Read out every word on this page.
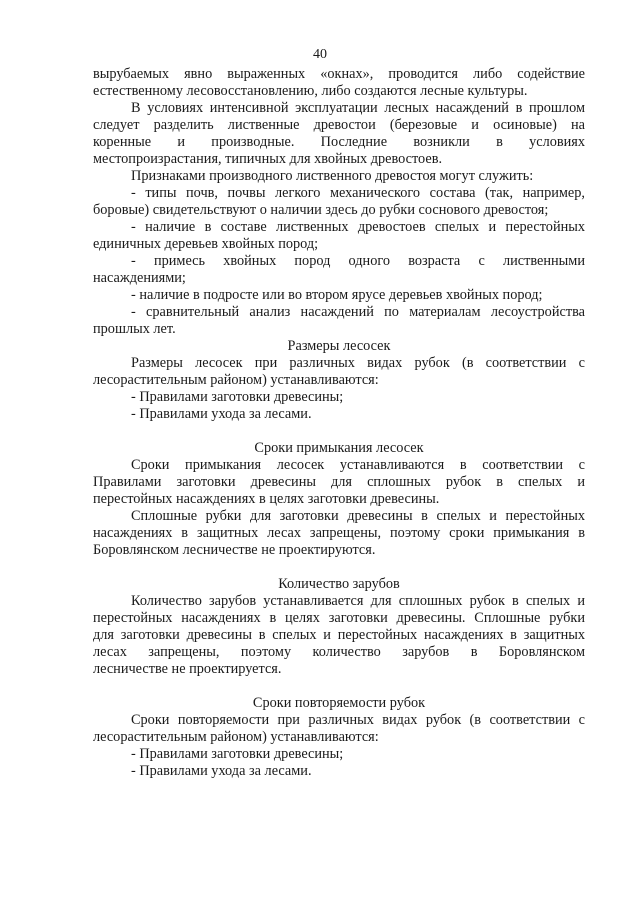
40

вырубаемых явно выраженных «окнах», проводится либо содействие

естественному лесовосстановлению, либо создаются лесные культуры.

В условиях интенсивной эксплуатации лесных насаждений в прошлом

следует разделить лиственные древостои (березовые и осиновые) на

коренные и производные. Последние возникли в условиях

местопроизрастания, типичных для хвойных древостоев.

Признаками производного лиственного древостоя могут служить:

- типы почв, почвы легкого механического состава (так, например,

боровые) свидетельствуют о наличии здесь до рубки соснового древостоя;

- наличие в составе лиственных древостоев спелых и перестойных

единичных деревьев хвойных пород;

- примесь хвойных пород одного возраста с лиственными

насаждениями;

- наличие в подросте или во втором ярусе деревьев хвойных пород;

- сравнительный анализ насаждений по материалам лесоустройства

прошлых лет.

Размеры лесосек

Размеры лесосек при различных видах рубок (в соответствии с

лесорастительным районом) устанавливаются:

- Правилами заготовки древесины;

- Правилами ухода за лесами.

Сроки примыкания лесосек

Сроки примыкания лесосек устанавливаются в соответствии с

Правилами заготовки древесины для сплошных рубок в спелых и

перестойных насаждениях в целях заготовки древесины.

Сплошные рубки для заготовки древесины в спелых и перестойных

насаждениях в защитных лесах запрещены, поэтому сроки примыкания в

Боровлянском лесничестве не проектируются.

Количество зарубов

Количество зарубов устанавливается для сплошных рубок в спелых и

перестойных насаждениях в целях заготовки древесины. Сплошные рубки

для заготовки древесины в спелых и перестойных насаждениях в защитных

лесах запрещены, поэтому количество зарубов в Боровлянском

лесничестве не проектируется.

Сроки повторяемости рубок

Сроки повторяемости при различных видах рубок (в соответствии с

лесорастительным районом) устанавливаются:

- Правилами заготовки древесины;

- Правилами ухода за лесами.
